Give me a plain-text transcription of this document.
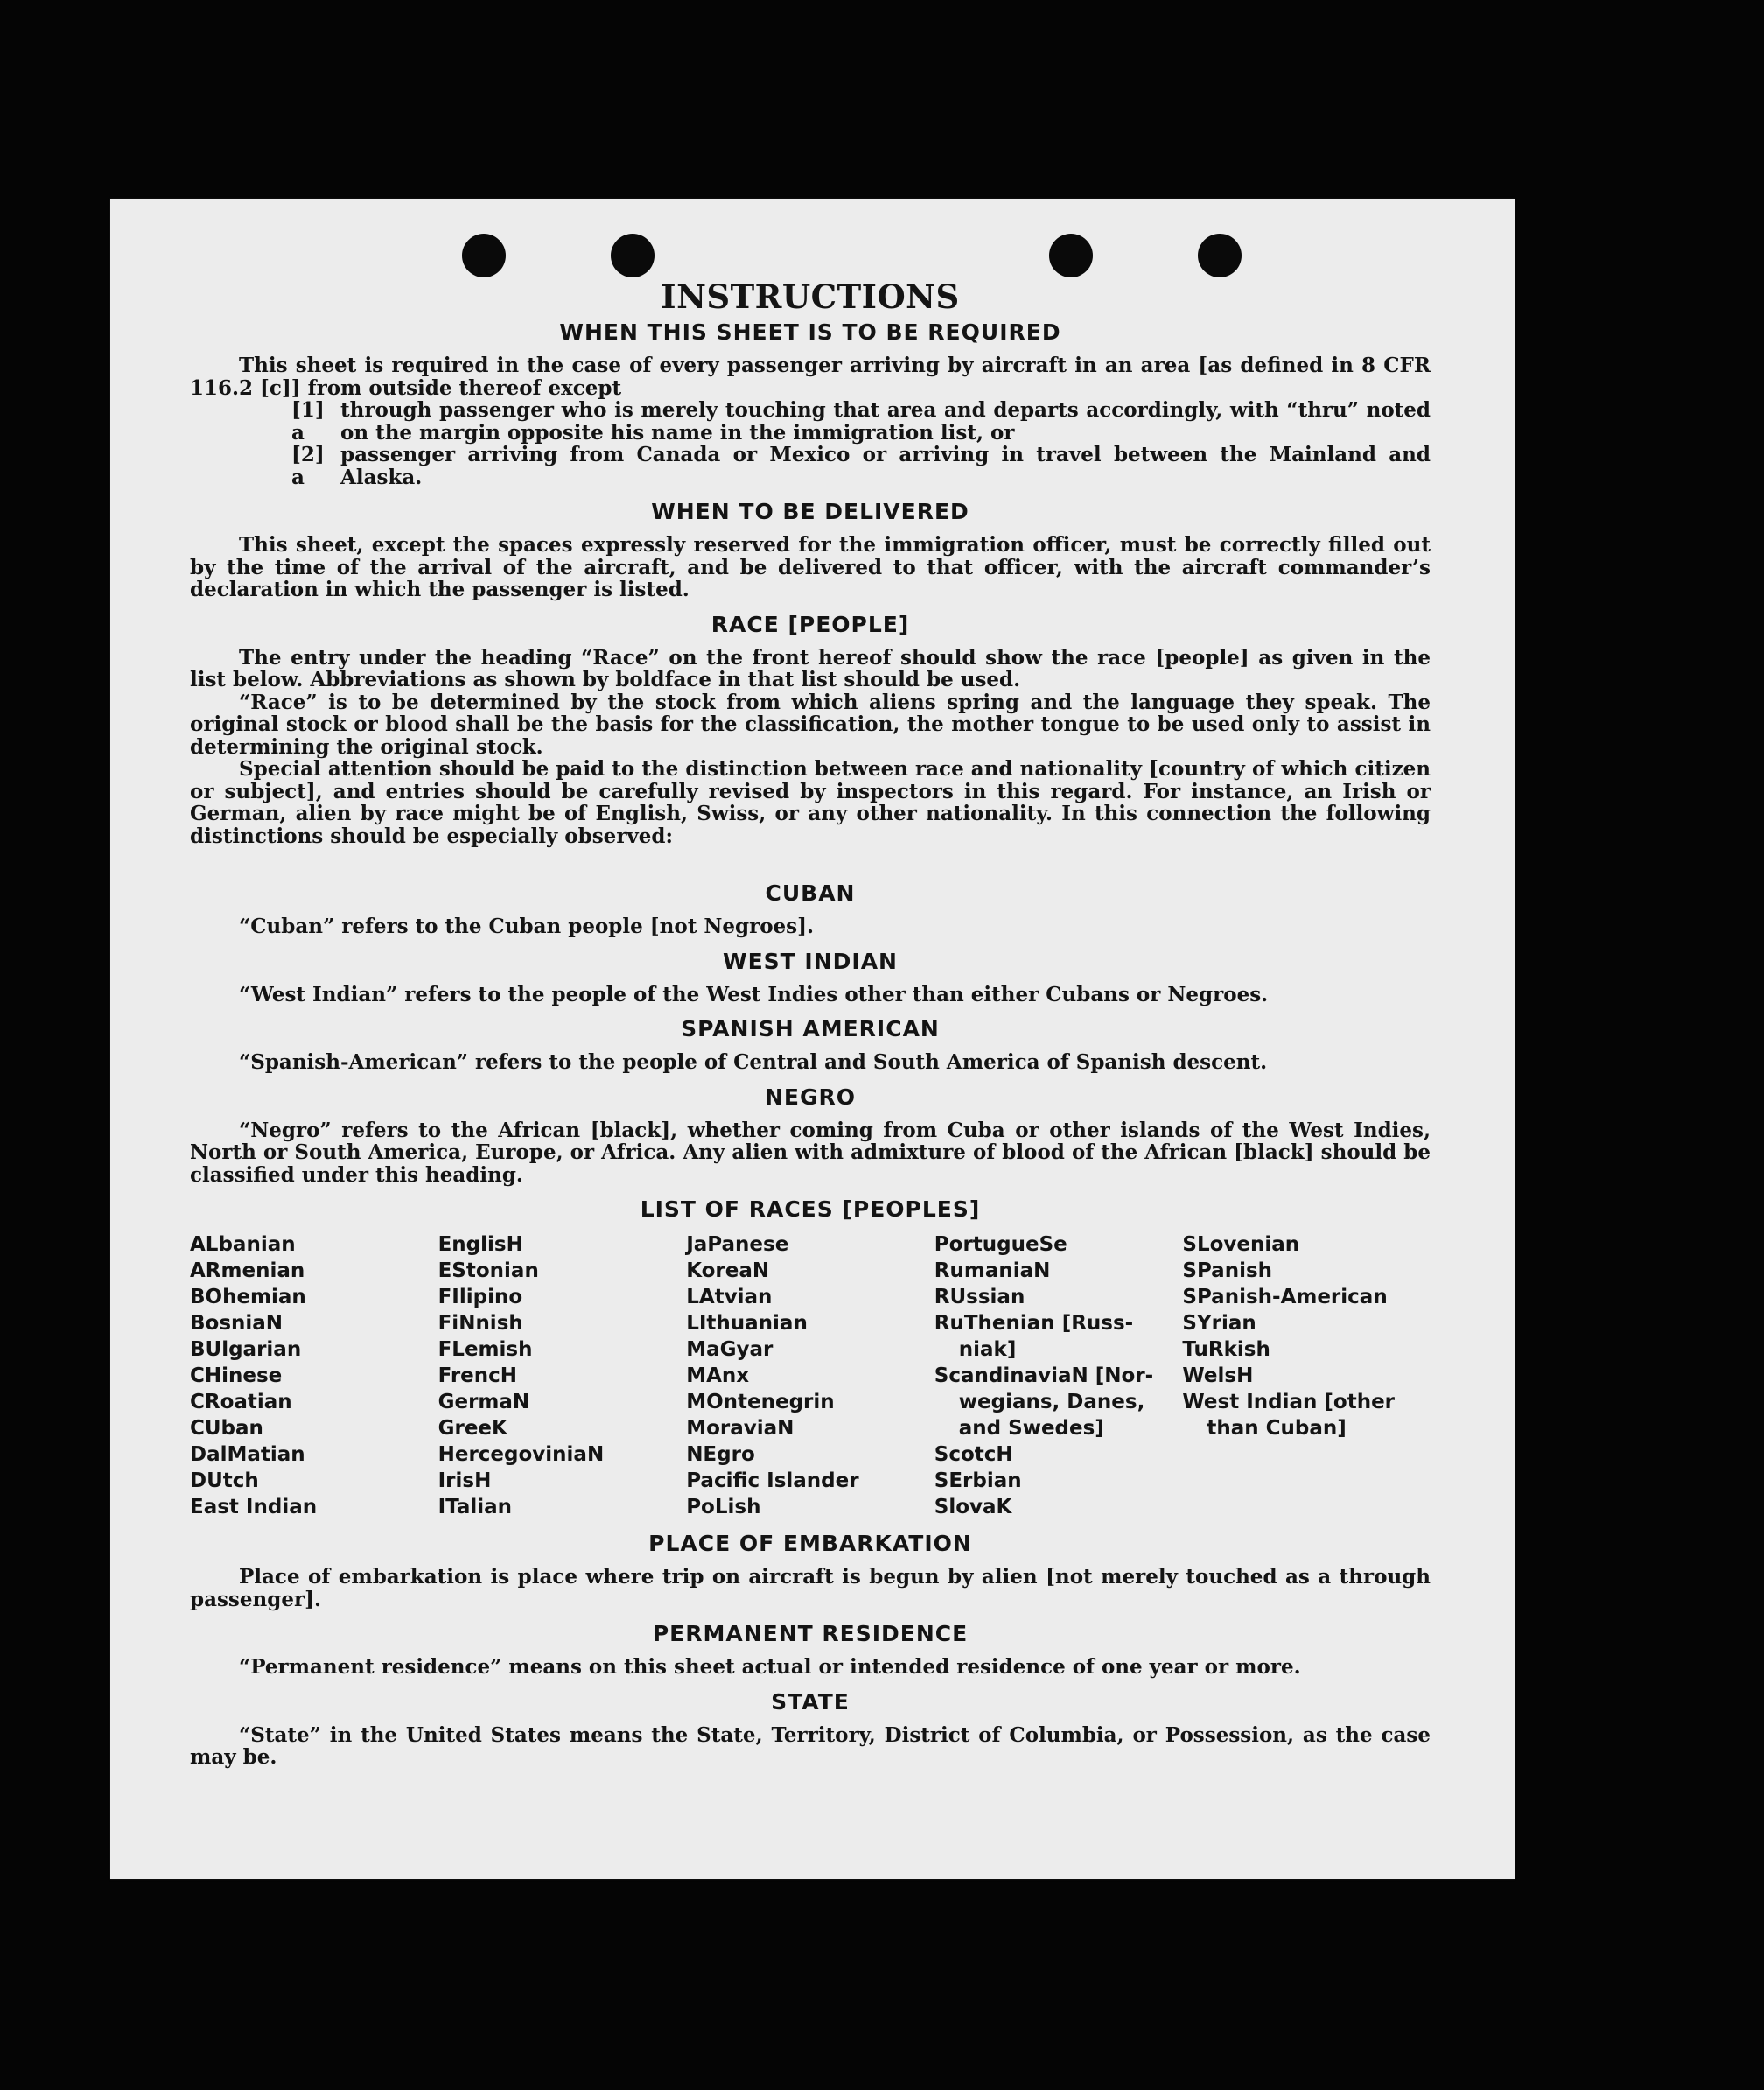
INSTRUCTIONS
WHEN THIS SHEET IS TO BE REQUIRED

This sheet is required in the case of every passenger arriving by aircraft in an area [as defined in 8 CFR 116.2 [c]] from outside thereof except

[1] a
through passenger who is merely touching that area and departs accordingly, with “thru” noted on the margin opposite his name in the immigration list, or
[2] a
passenger arriving from Canada or Mexico or arriving in travel between the Mainland and Alaska.
WHEN TO BE DELIVERED

This sheet, except the spaces expressly reserved for the immigration officer, must be correctly filled out by the time of the arrival of the aircraft, and be delivered to that officer, with the aircraft commander’s declaration in which the passenger is listed.

RACE [PEOPLE]

The entry under the heading “Race” on the front hereof should show the race [people] as given in the list below. Abbreviations as shown by boldface in that list should be used.

“Race” is to be determined by the stock from which aliens spring and the language they speak. The original stock or blood shall be the basis for the classification, the mother tongue to be used only to assist in determining the original stock.

Special attention should be paid to the distinction between race and nationality [country of which citizen or subject], and entries should be carefully revised by inspectors in this regard. For instance, an Irish or German, alien by race might be of English, Swiss, or any other nationality. In this connection the following distinctions should be especially observed:

CUBAN

“Cuban” refers to the Cuban people [not Negroes].

WEST INDIAN

“West Indian” refers to the people of the West Indies other than either Cubans or Negroes.

SPANISH AMERICAN

“Spanish-American” refers to the people of Central and South America of Spanish descent.

NEGRO

“Negro” refers to the African [black], whether coming from Cuba or other islands of the West Indies, North or South America, Europe, or Africa. Any alien with admixture of blood of the African [black] should be classified under this heading.

LIST OF RACES [PEOPLES]
ALbanian
ARmenian
BOhemian
BosniaN
BUlgarian
CHinese
CRoatian
CUban
DalMatian
DUtch
East Indian
EnglisH
EStonian
FIlipino
FiNnish
FLemish
FrencH
GermaN
GreeK
HercegoviniaN
IrisH
ITalian
JaPanese
KoreaN
LAtvian
LIthuanian
MaGyar
MAnx
MOntenegrin
MoraviaN
NEgro
Pacific Islander
PoLish
PortugueSe
RumaniaN
RUssian
RuThenian [Russ-
niak]
ScandinaviaN [Nor-
wegians, Danes,
and Swedes]
ScotcH
SErbian
SlovaK
SLovenian
SPanish
SPanish-American
SYrian
TuRkish
WelsH
West Indian [other
than Cuban]
PLACE OF EMBARKATION

Place of embarkation is place where trip on aircraft is begun by alien [not merely touched as a through passenger].

PERMANENT RESIDENCE

“Permanent residence” means on this sheet actual or intended residence of one year or more.

STATE

“State” in the United States means the State, Territory, District of Columbia, or Possession, as the case may be.
